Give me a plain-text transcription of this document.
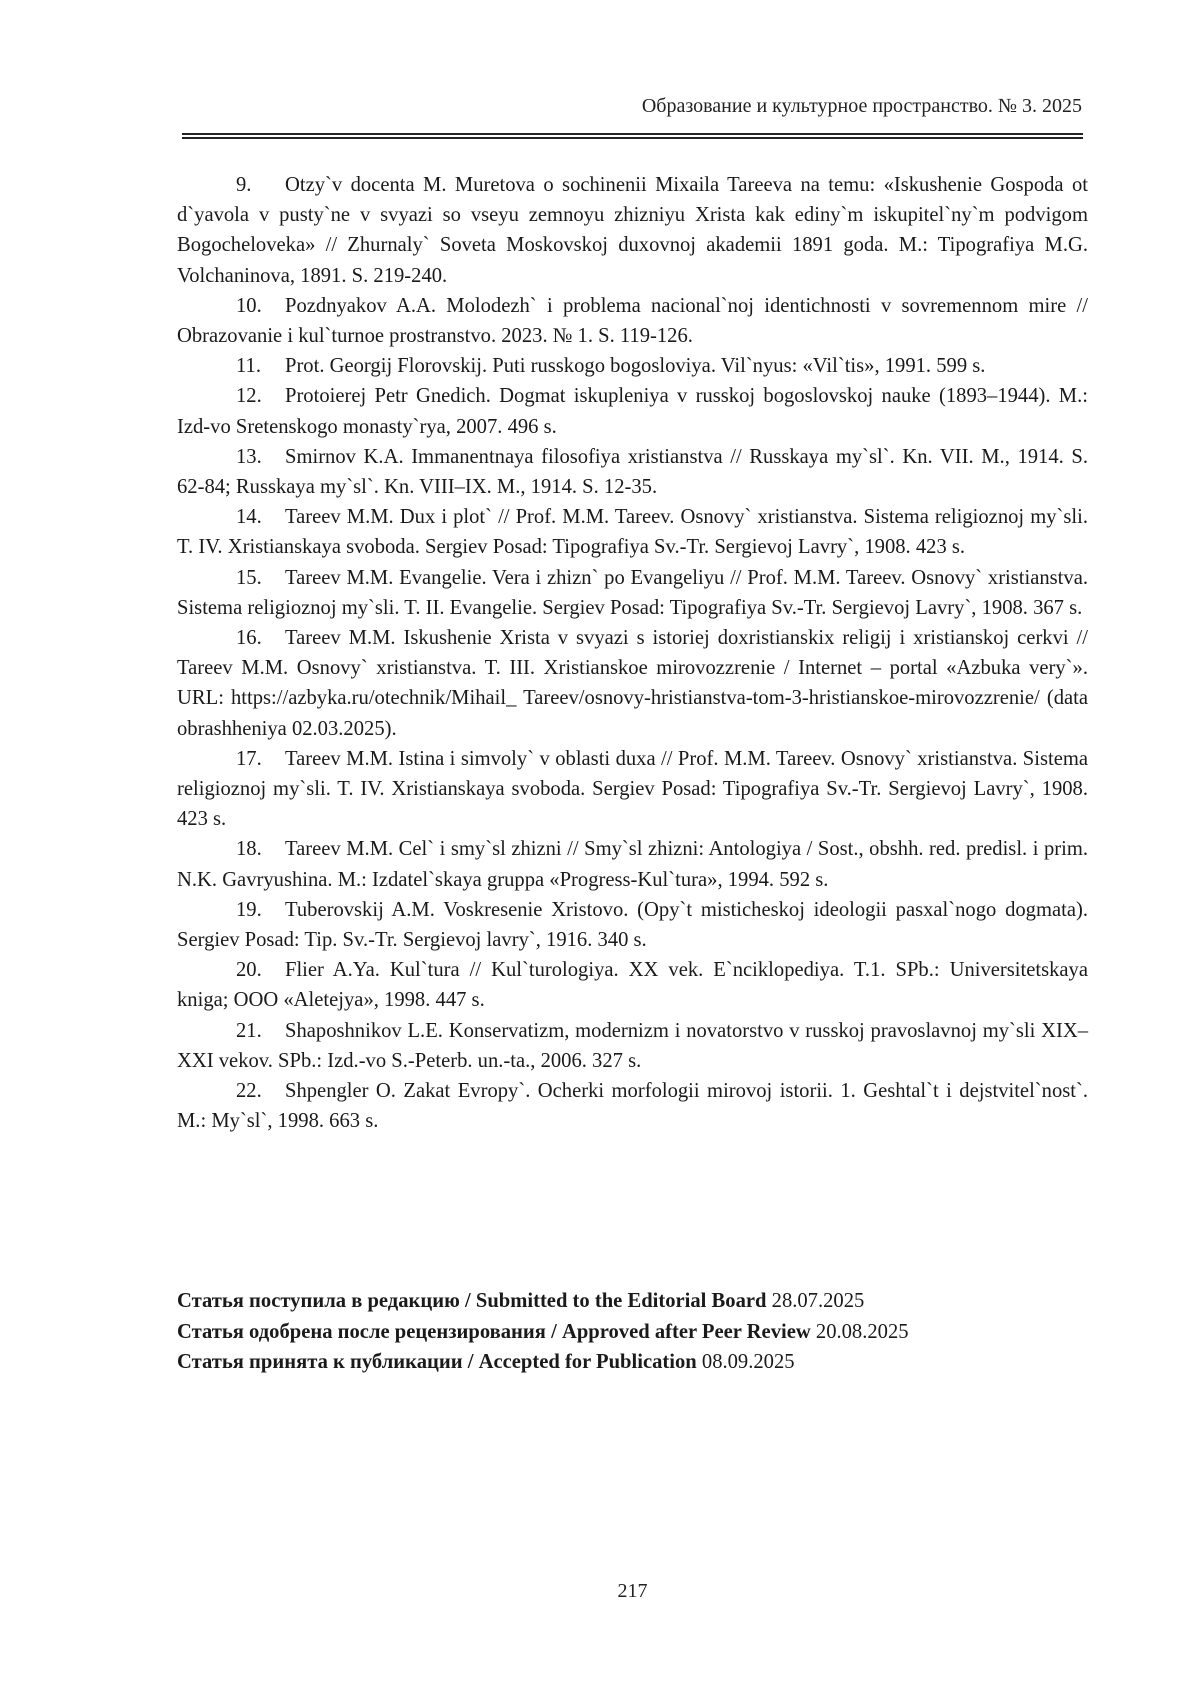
Образование и культурное пространство. № 3. 2025

9. Otzy`v docenta M. Muretova o sochinenii Mixaila Tareeva na temu: «Iskushenie Gospoda ot d`yavola v pusty`ne v svyazi so vseyu zemnoyu zhizniyu Xrista kak ediny`m iskupitel`ny`m podvigom Bogocheloveka» // Zhurnaly` Soveta Moskovskoj duxovnoj akademii 1891 goda. M.: Tipografiya M.G. Volchaninova, 1891. S. 219-240.

10. Pozdnyakov A.A. Molodezh` i problema nacional`noj identichnosti v sovremennom mire // Obrazovanie i kul`turnoe prostranstvo. 2023. № 1. S. 119-126.

11. Prot. Georgij Florovskij. Puti russkogo bogosloviya. Vil`nyus: «Vil`tis», 1991. 599 s.

12. Protoierej Petr Gnedich. Dogmat iskupleniya v russkoj bogoslovskoj nauke (1893–1944). M.: Izd-vo Sretenskogo monasty`rya, 2007. 496 s.

13. Smirnov K.A. Immanentnaya filosofiya xristianstva // Russkaya my`sl`. Kn. VII. M., 1914. S. 62-84; Russkaya my`sl`. Kn. VIII–IX. M., 1914. S. 12-35.

14. Tareev M.M. Dux i plot` // Prof. M.M. Tareev. Osnovy` xristianstva. Sistema religioznoj my`sli. T. IV. Xristianskaya svoboda. Sergiev Posad: Tipografiya Sv.-Tr. Sergievoj Lavry`, 1908. 423 s.

15. Tareev M.M. Evangelie. Vera i zhizn` po Evangeliyu // Prof. M.M. Tareev. Osnovy` xristianstva. Sistema religioznoj my`sli. T. II. Evangelie. Sergiev Posad: Tipografiya Sv.-Tr. Sergievoj Lavry`, 1908. 367 s.

16. Tareev M.M. Iskushenie Xrista v svyazi s istoriej doxristianskix religij i xristianskoj cerkvi // Tareev M.M. Osnovy` xristianstva. T. III. Xristianskoe mirovozzrenie / Internet – portal «Azbuka very`». URL: https://azbyka.ru/otechnik/Mihail_ Tareev/osnovy-hristianstva-tom-3-hristianskoe-mirovozzrenie/ (data obrashheniya 02.03.2025).

17. Tareev M.M. Istina i simvoly` v oblasti duxa // Prof. M.M. Tareev. Osnovy` xristianstva. Sistema religioznoj my`sli. T. IV. Xristianskaya svoboda. Sergiev Posad: Tipografiya Sv.-Tr. Sergievoj Lavry`, 1908. 423 s.

18. Tareev M.M. Cel` i smy`sl zhizni // Smy`sl zhizni: Antologiya / Sost., obshh. red. predisl. i prim. N.K. Gavryushina. M.: Izdatel`skaya gruppa «Progress-Kul`tura», 1994. 592 s.

19. Tuberovskij A.M. Voskresenie Xristovo. (Opy`t misticheskoj ideologii pasxal`nogo dogmata). Sergiev Posad: Tip. Sv.-Tr. Sergievoj lavry`, 1916. 340 s.

20. Flier A.Ya. Kul`tura // Kul`turologiya. XX vek. E`nciklopediya. T.1. SPb.: Universitetskaya kniga; OOO «Aletejya», 1998. 447 s.

21. Shaposhnikov L.E. Konservatizm, modernizm i novatorstvo v russkoj pravoslavnoj my`sli XIX–XXI vekov. SPb.: Izd.-vo S.-Peterb. un.-ta., 2006. 327 s.

22. Shpengler O. Zakat Evropy`. Ocherki morfologii mirovoj istorii. 1. Geshtal`t i dejstvitel`nost`. M.: My`sl`, 1998. 663 s.

Статья поступила в редакцию / Submitted to the Editorial Board 28.07.2025

Статья одобрена после рецензирования / Approved after Peer Review 20.08.2025

Статья принята к публикации / Accepted for Publication 08.09.2025

217
